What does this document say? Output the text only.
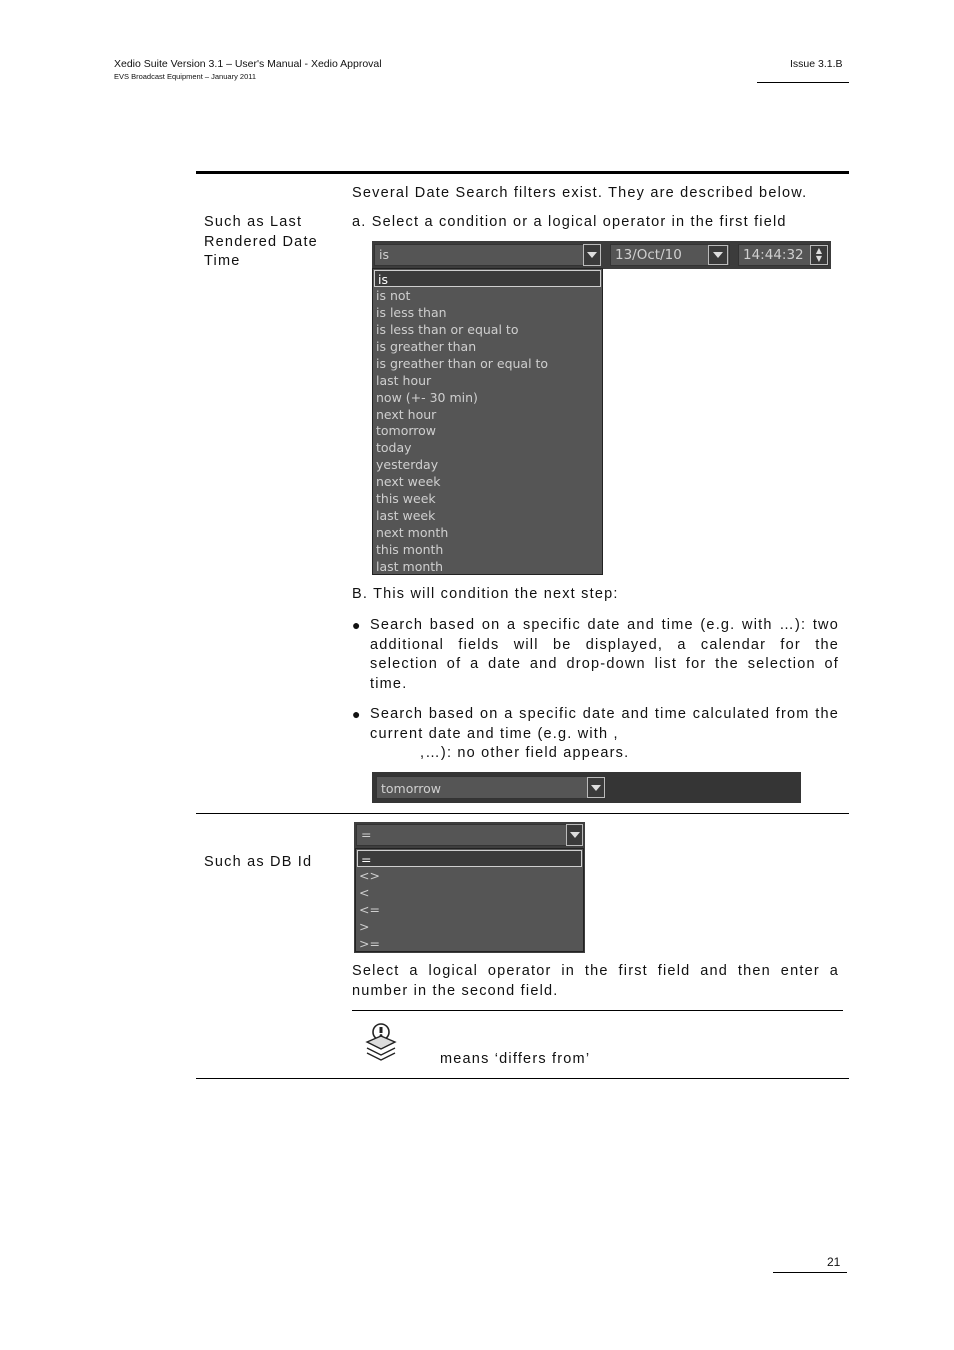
Xedio Suite Version 3.1 – User's Manual - Xedio Approval
EVS Broadcast Equipment – January 2011
Issue 3.1.B
Several Date Search filters exist. They are described below.
Such as Last Rendered Date Time
a. Select a condition or a logical operator in the first field
is	13/Oct/10	14:44:32	▲
▼
is
is not
is less than
is less than or equal to
is greather than
is greather than or equal to
last hour
now (+- 30 min)
next hour
tomorrow
today
yesterday
next week
this week
last week
next month
this month
last month
B. This will condition the next step:
● Search based on a specific date and time (e.g. with …): two additional fields will be displayed, a calendar for the selection of a date and drop-down list for the selection of time.
● Search based on a specific date and time calculated from the current date and time (e.g. with ,
,…): no other field appears.
tomorrow
Such as DB Id
=
=
<>
<
<=
>
>=
Select a logical operator in the first field and then enter a number in the second field.
means ‘differs from’
21
